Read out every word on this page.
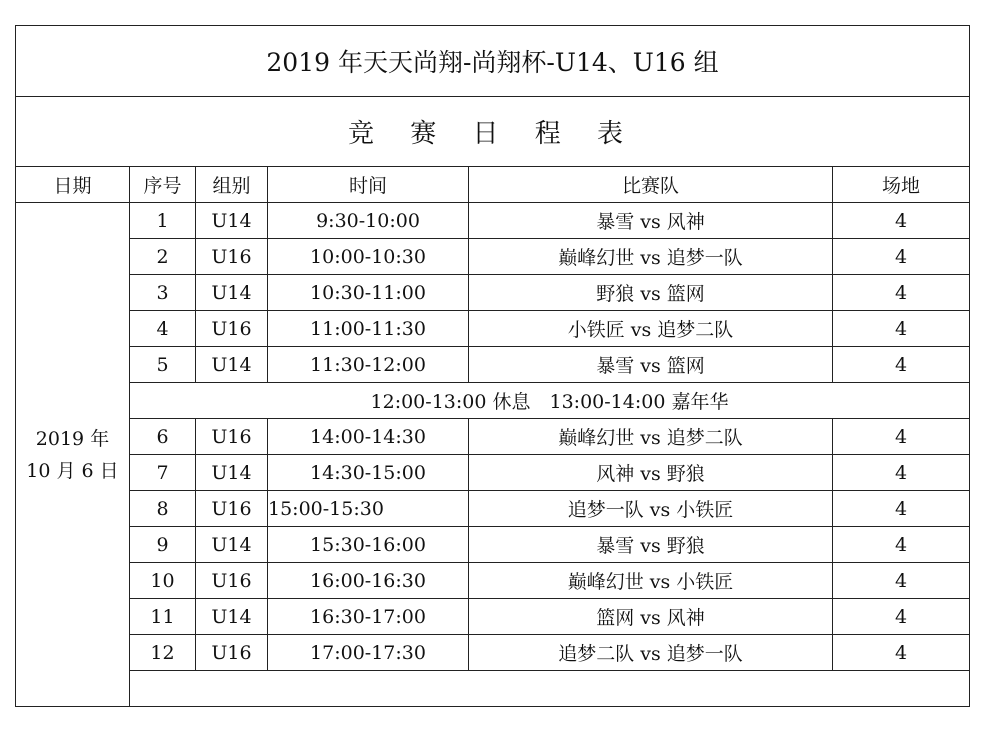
2019 年天天尚翔-尚翔杯-U14、U16 组					
竞 赛 日 程 表					
日期	序号	组别	时间	比赛队	场地

2019 年
10 月 6 日	1	U14	9:30-10:00	暴雪 vs 风神	4
	2	U16	10:00-10:30	巅峰幻世 vs 追梦一队	4
	3	U14	10:30-11:00	野狼 vs 篮网	4
	4	U16	11:00-11:30	小铁匠 vs 追梦二队	4
	5	U14	11:30-12:00	暴雪 vs 篮网	4
	12:00-13:00 休息　13:00-14:00 嘉年华				
	6	U16	14:00-14:30	巅峰幻世 vs 追梦二队	4
	7	U14	14:30-15:00	风神 vs 野狼	4
	8	U16	15:00-15:30	追梦一队 vs 小铁匠	4
	9	U14	15:30-16:00	暴雪 vs 野狼	4
	10	U16	16:00-16:30	巅峰幻世 vs 小铁匠	4
	11	U14	16:30-17:00	篮网 vs 风神	4
	12	U16	17:00-17:30	追梦二队 vs 追梦一队	4
